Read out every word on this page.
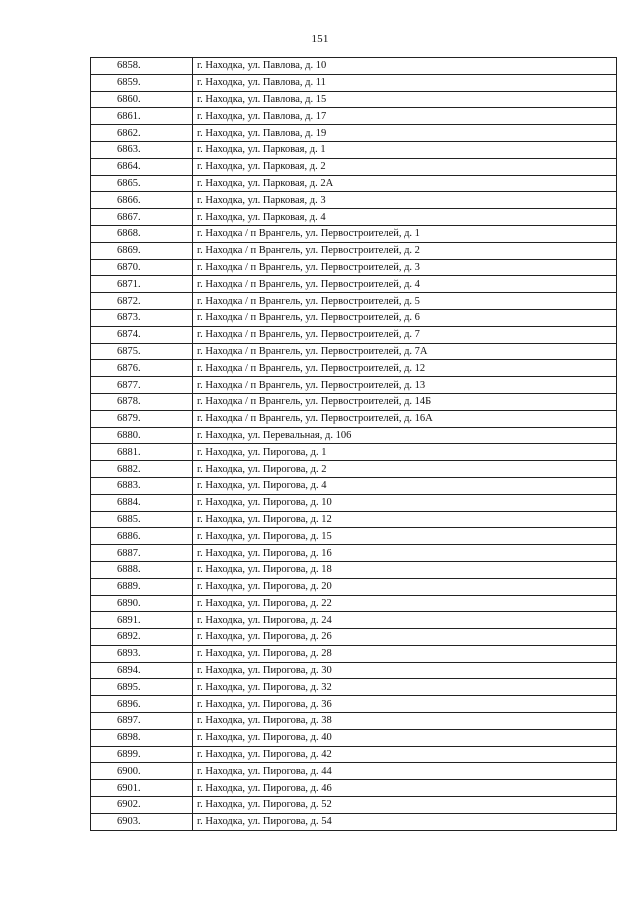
151
6858.	г. Находка, ул. Павлова, д. 10
6859.	г. Находка, ул. Павлова, д. 11
6860.	г. Находка, ул. Павлова, д. 15
6861.	г. Находка, ул. Павлова, д. 17
6862.	г. Находка, ул. Павлова, д. 19
6863.	г. Находка, ул. Парковая, д. 1
6864.	г. Находка, ул. Парковая, д. 2
6865.	г. Находка, ул. Парковая, д. 2А
6866.	г. Находка, ул. Парковая, д. 3
6867.	г. Находка, ул. Парковая, д. 4
6868.	г. Находка / п Врангель, ул. Первостроителей, д. 1
6869.	г. Находка / п Врангель, ул. Первостроителей, д. 2
6870.	г. Находка / п Врангель, ул. Первостроителей, д. 3
6871.	г. Находка / п Врангель, ул. Первостроителей, д. 4
6872.	г. Находка / п Врангель, ул. Первостроителей, д. 5
6873.	г. Находка / п Врангель, ул. Первостроителей, д. 6
6874.	г. Находка / п Врангель, ул. Первостроителей, д. 7
6875.	г. Находка / п Врангель, ул. Первостроителей, д. 7А
6876.	г. Находка / п Врангель, ул. Первостроителей, д. 12
6877.	г. Находка / п Врангель, ул. Первостроителей, д. 13
6878.	г. Находка / п Врангель, ул. Первостроителей, д. 14Б
6879.	г. Находка / п Врангель, ул. Первостроителей, д. 16А
6880.	г. Находка, ул. Перевальная, д. 106
6881.	г. Находка, ул. Пирогова, д. 1
6882.	г. Находка, ул. Пирогова, д. 2
6883.	г. Находка, ул. Пирогова, д. 4
6884.	г. Находка, ул. Пирогова, д. 10
6885.	г. Находка, ул. Пирогова, д. 12
6886.	г. Находка, ул. Пирогова, д. 15
6887.	г. Находка, ул. Пирогова, д. 16
6888.	г. Находка, ул. Пирогова, д. 18
6889.	г. Находка, ул. Пирогова, д. 20
6890.	г. Находка, ул. Пирогова, д. 22
6891.	г. Находка, ул. Пирогова, д. 24
6892.	г. Находка, ул. Пирогова, д. 26
6893.	г. Находка, ул. Пирогова, д. 28
6894.	г. Находка, ул. Пирогова, д. 30
6895.	г. Находка, ул. Пирогова, д. 32
6896.	г. Находка, ул. Пирогова, д. 36
6897.	г. Находка, ул. Пирогова, д. 38
6898.	г. Находка, ул. Пирогова, д. 40
6899.	г. Находка, ул. Пирогова, д. 42
6900.	г. Находка, ул. Пирогова, д. 44
6901.	г. Находка, ул. Пирогова, д. 46
6902.	г. Находка, ул. Пирогова, д. 52
6903.	г. Находка, ул. Пирогова, д. 54
